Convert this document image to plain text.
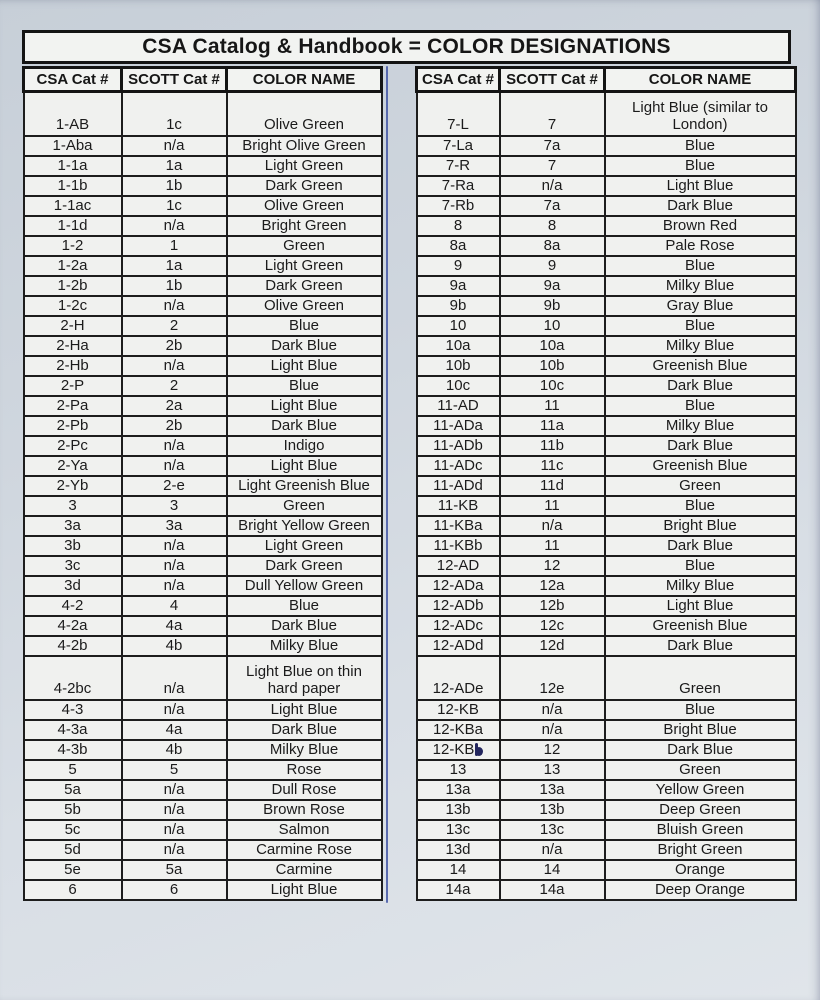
CSA Catalog & Handbook = COLOR DESIGNATIONS
CSA Cat #	SCOTT Cat #	COLOR NAME
1-AB	1c	Olive Green
1-Aba	n/a	Bright Olive Green
1-1a	1a	Light Green
1-1b	1b	Dark Green
1-1ac	1c	Olive Green
1-1d	n/a	Bright Green
1-2	1	Green
1-2a	1a	Light Green
1-2b	1b	Dark Green
1-2c	n/a	Olive Green
2-H	2	Blue
2-Ha	2b	Dark Blue
2-Hb	n/a	Light Blue
2-P	2	Blue
2-Pa	2a	Light Blue
2-Pb	2b	Dark Blue
2-Pc	n/a	Indigo
2-Ya	n/a	Light Blue
2-Yb	2-e	Light Greenish Blue
3	3	Green
3a	3a	Bright Yellow Green
3b	n/a	Light Green
3c	n/a	Dark Green
3d	n/a	Dull Yellow Green
4-2	4	Blue
4-2a	4a	Dark Blue
4-2b	4b	Milky Blue
4-2bc	n/a	Light Blue on thin hard paper
4-3	n/a	Light Blue
4-3a	4a	Dark Blue
4-3b	4b	Milky Blue
5	5	Rose
5a	n/a	Dull Rose
5b	n/a	Brown Rose
5c	n/a	Salmon
5d	n/a	Carmine Rose
5e	5a	Carmine
6	6	Light Blue
CSA Cat #	SCOTT Cat #	COLOR NAME
7-L	7	Light Blue (similar to London)
7-La	7a	Blue
7-R	7	Blue
7-Ra	n/a	Light Blue
7-Rb	7a	Dark Blue
8	8	Brown Red
8a	8a	Pale Rose
9	9	Blue
9a	9a	Milky Blue
9b	9b	Gray Blue
10	10	Blue
10a	10a	Milky Blue
10b	10b	Greenish Blue
10c	10c	Dark Blue
11-AD	11	Blue
11-ADa	11a	Milky Blue
11-ADb	11b	Dark Blue
11-ADc	11c	Greenish Blue
11-ADd	11d	Green
11-KB	11	Blue
11-KBa	n/a	Bright Blue
11-KBb	11	Dark Blue
12-AD	12	Blue
12-ADa	12a	Milky Blue
12-ADb	12b	Light Blue
12-ADc	12c	Greenish Blue
12-ADd	12d	Dark Blue
12-ADe	12e	Green
12-KB	n/a	Blue
12-KBa	n/a	Bright Blue
12-KB	12	Dark Blue
13	13	Green
13a	13a	Yellow Green
13b	13b	Deep Green
13c	13c	Bluish Green
13d	n/a	Bright Green
14	14	Orange
14a	14a	Deep Orange
